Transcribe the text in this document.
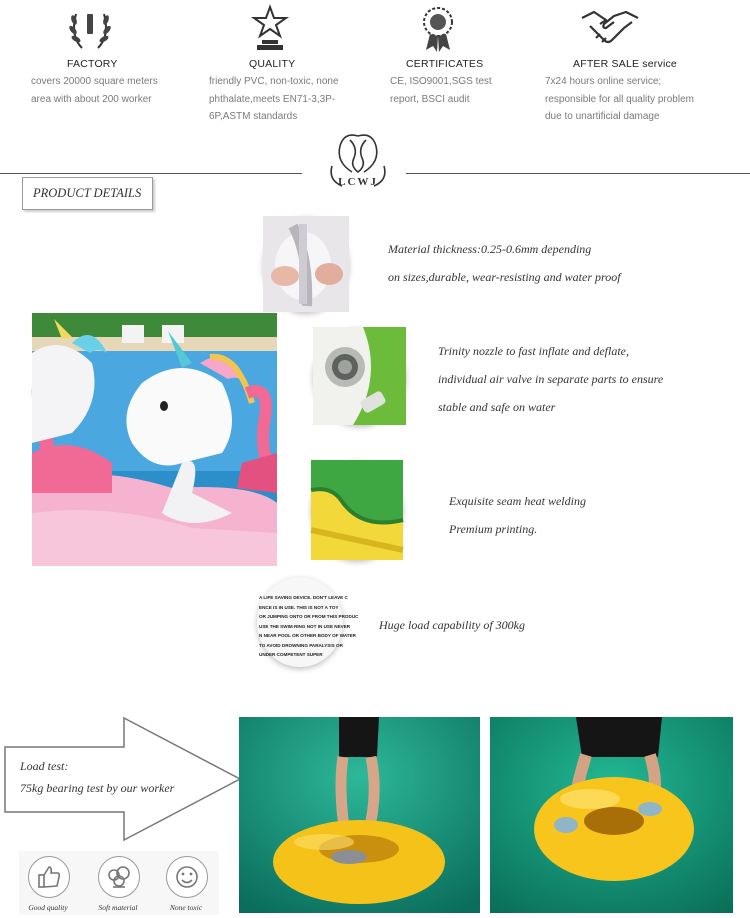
FACTORY
covers 20000 square meters
area with about 200 worker
QUALITY
friendly PVC, non-toxic, none
phthalate,meets EN71-3,3P-
6P,ASTM standards
CERTIFICATES
CE, ISO9001,SGS test
report, BSCI audit
AFTER SALE service
7x24 hours online service;
responsible for all quality problem
due to unartificial damage
LCWJ
PRODUCT DETAILS
Material thickness:0.25-0.6mm depending
on sizes,durable, wear-resisting and water proof
Trinity nozzle to fast inflate and deflate,
individual air valve in separate parts to ensure
stable and safe on water
Exquisite seam heat welding
Premium printing.
A LIFE SAVING DEVICE. DON'T LEAVE C
ENCE IS IN USE. THIS IS NOT A TOY
OR JUMPING ONTO OR FROM THIS PRODUC
USE THE SWIM RING NOT IN USE NEVER
N NEAR POOL OR OTHER BODY OF WATER
TO AVOID DROWNING PARALYSIS OR
UNDER COMPETENT SUPER
Huge load capability of 300kg
Load test:
75kg bearing test by our worker
Good quality	Soft material	None toxic
